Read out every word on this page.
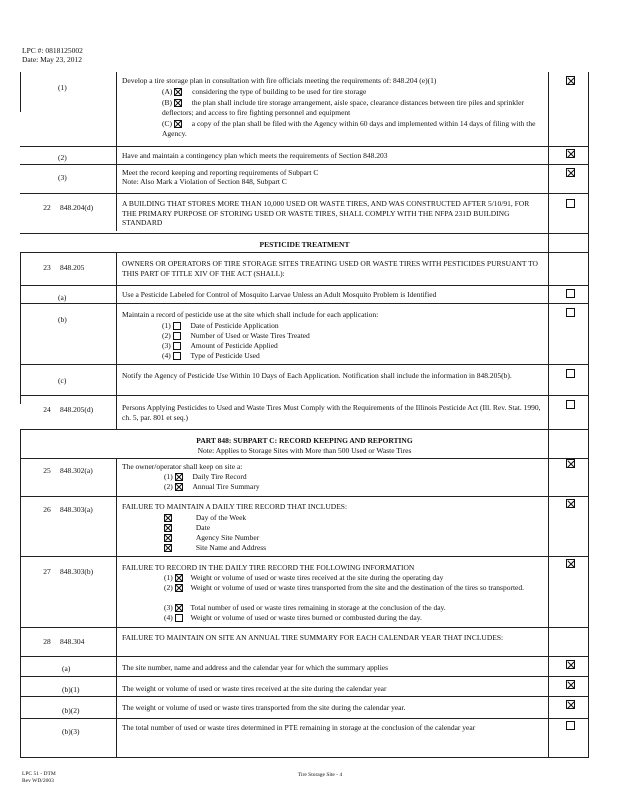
LPC #: 0818125002
Date: May 23, 2012
(1)
Develop a tire storage plan in consultation with fire officials meeting the requirements of: 848.204 (e)(1)
(A)	considering the type of building to be used for tire storage
(B)	the plan shall include tire storage arrangement, aisle space, clearance distances between tire piles and sprinkler deflectors; and access to fire fighting personnel and equipment
(C)	a copy of the plan shall be filed with the Agency within 60 days and implemented within 14 days of filing with the Agency.
(2)	Have and maintain a contingency plan which meets the requirements of Section 848.203
(3)
Meet the record keeping and reporting requirements of Subpart C
Note: Also Mark a Violation of Section 848, Subpart C
22	848.204(d)	A BUILDING THAT STORES MORE THAN 10,000 USED OR WASTE TIRES, AND WAS CONSTRUCTED AFTER 5/10/91, FOR THE PRIMARY PURPOSE OF STORING USED OR WASTE TIRES, SHALL COMPLY WITH THE NFPA 231D BUILDING STANDARD
PESTICIDE TREATMENT
23	848.205	OWNERS OR OPERATORS OF TIRE STORAGE SITES TREATING USED OR WASTE TIRES WITH PESTICIDES PURSUANT TO THIS PART OF TITLE XIV OF THE ACT (SHALL):
(a)	Use a Pesticide Labeled for Control of Mosquito Larvae Unless an Adult Mosquito Problem is Identified
(b)
Maintain a record of pesticide use at the site which shall include for each application:
(1)	Date of Pesticide Application
(2)	Number of Used or Waste Tires Treated
(3)	Amount of Pesticide Applied
(4)	Type of Pesticide Used
(c)
Notify the Agency of Pesticide Use Within 10 Days of Each Application. Notification shall include the information in 848.205(b).
24	848.205(d)	Persons Applying Pesticides to Used and Waste Tires Must Comply with the Requirements of the Illinois Pesticide Act (Ill. Rev. Stat. 1990, ch. 5, par. 801 et seq.)
PART 848: SUBPART C: RECORD KEEPING AND REPORTING
Note: Applies to Storage Sites with More than 500 Used or Waste Tires
25	848.302(a)	The owner/operator shall keep on site a:
(1)	Daily Tire Record
(2)	Annual Tire Summary
26	848.303(a)	FAILURE TO MAINTAIN A DAILY TIRE RECORD THAT INCLUDES:
Day of the Week
Date
Agency Site Number
Site Name and Address
27	848.303(b)	FAILURE TO RECORD IN THE DAILY TIRE RECORD THE FOLLOWING INFORMATION
(1) Weight or volume of used or waste tires received at the site during the operating day
(2) Weight or volume of used or waste tires transported from the site and the destination of the tires so transported.
(3) Total number of used or waste tires remaining in storage at the conclusion of the day.
(4) Weight or volume of used or waste tires burned or combusted during the day.
28	848.304	FAILURE TO MAINTAIN ON SITE AN ANNUAL TIRE SUMMARY FOR EACH CALENDAR YEAR THAT INCLUDES:
(a)	The site number, name and address and the calendar year for which the summary applies
(b)(1)	The weight or volume of used or waste tires received at the site during the calendar year
(b)(2)	The weight or volume of used or waste tires transported from the site during the calendar year.
(b)(3)	The total number of used or waste tires determined in PTE remaining in storage at the conclusion of the calendar year
LPC 51 - DTM
Rev WD/2003
Tire Storage Site - 4
